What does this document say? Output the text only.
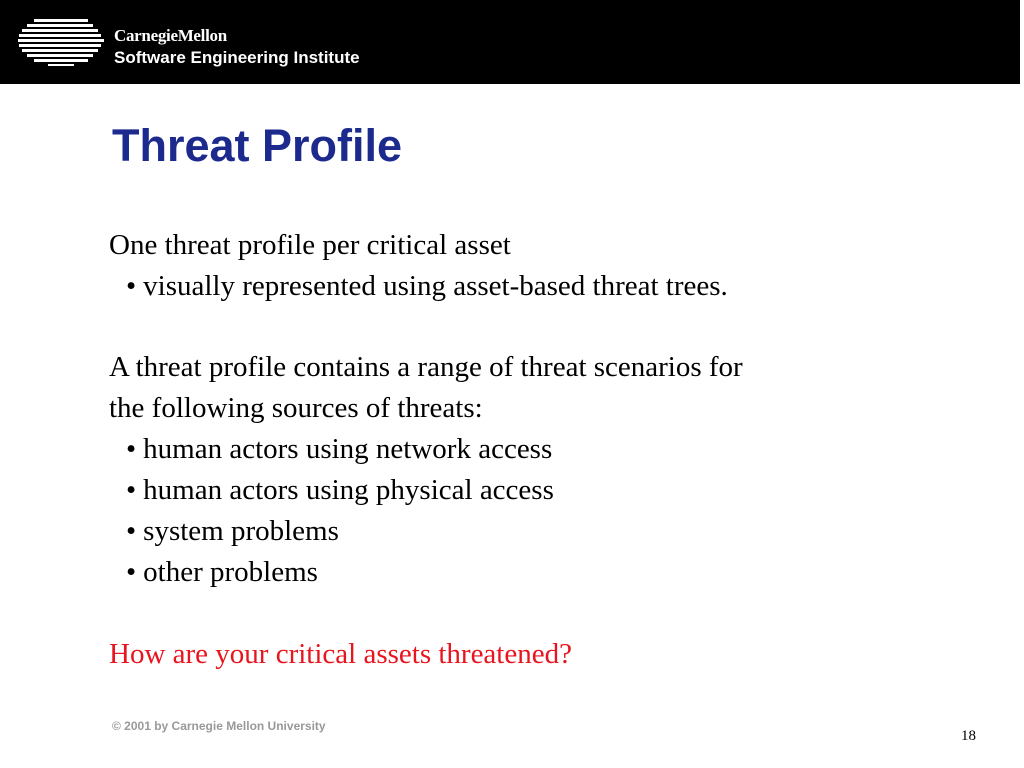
CarnegieMellon
Software Engineering Institute
Threat Profile
One threat profile per critical asset
• visually represented using asset-based threat trees.
A threat profile contains a range of threat scenarios for
the following sources of threats:
• human actors using network access
• human actors using physical access
• system problems
• other problems
How are your critical assets threatened?
© 2001 by Carnegie Mellon University
18
